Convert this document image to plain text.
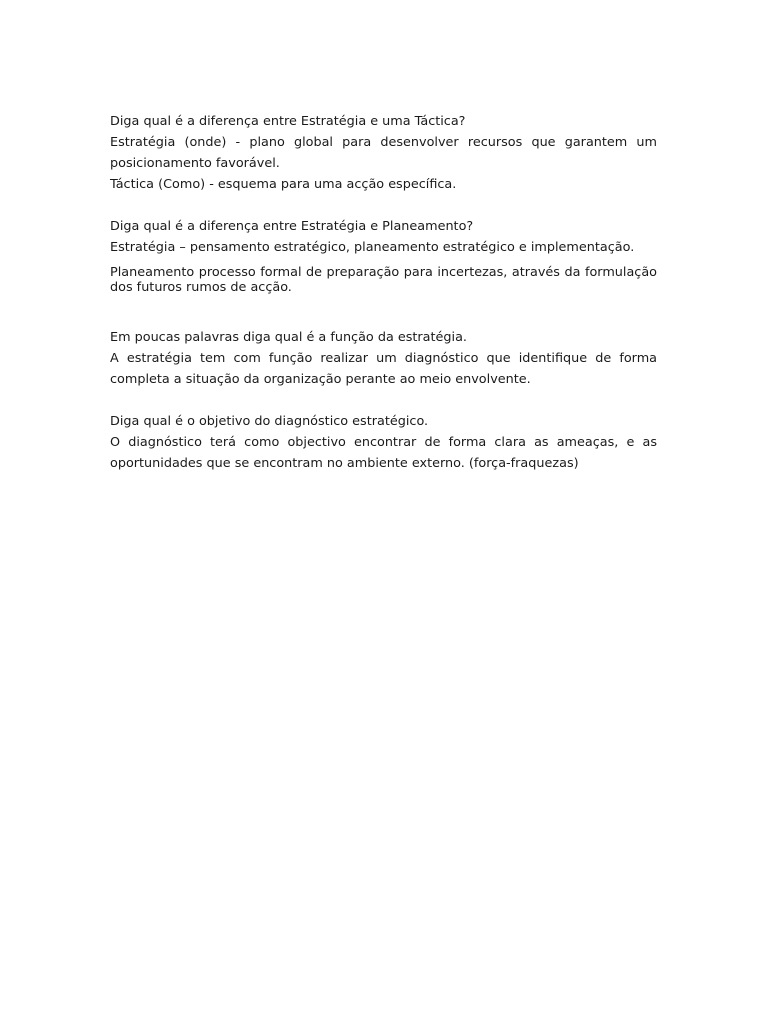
Diga qual é a diferença entre Estratégia e uma Táctica?

Estratégia (onde) - plano global para desenvolver recursos que garantem um posicionamento favorável.

Táctica (Como) - esquema para uma acção específica.

Diga qual é a diferença entre Estratégia e Planeamento?

Estratégia – pensamento estratégico, planeamento estratégico e implementação.

Planeamento processo formal de preparação para incertezas, através da formulação dos futuros rumos de acção.

Em poucas palavras diga qual é a função da estratégia.

A estratégia tem com função realizar um diagnóstico que identifique de forma completa a situação da organização perante ao meio envolvente.

Diga qual é o objetivo do diagnóstico estratégico.

O diagnóstico terá como objectivo encontrar de forma clara as ameaças, e as oportunidades que se encontram no ambiente externo. (força-fraquezas)
